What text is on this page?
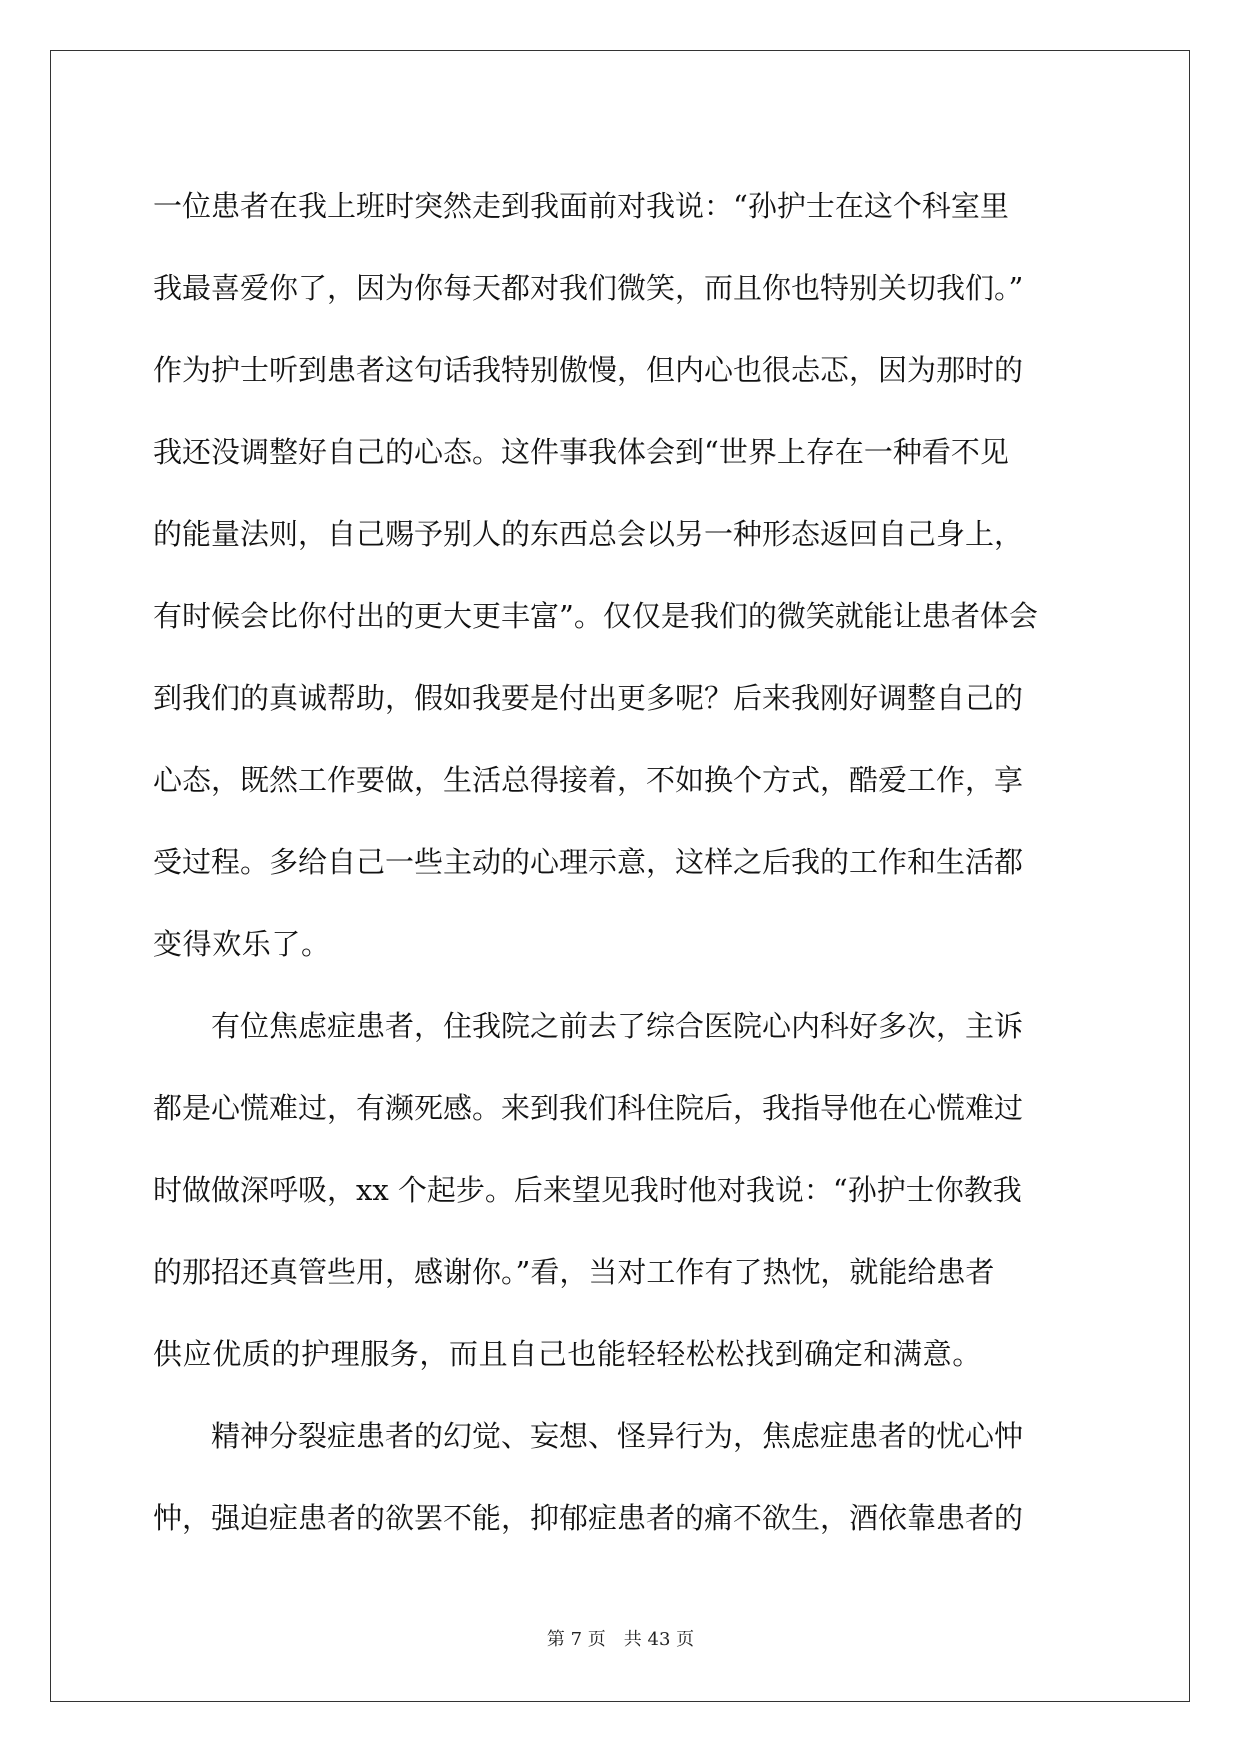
一位患者在我上班时突然走到我面前对我说：“孙护士在这个科室里
我最喜爱你了，因为你每天都对我们微笑，而且你也特别关切我们。”
作为护士听到患者这句话我特别傲慢，但内心也很忐忑，因为那时的
我还没调整好自己的心态。这件事我体会到“世界上存在一种看不见
的能量法则，自己赐予别人的东西总会以另一种形态返回自己身上，
有时候会比你付出的更大更丰富”。仅仅是我们的微笑就能让患者体会
到我们的真诚帮助，假如我要是付出更多呢？后来我刚好调整自己的
心态，既然工作要做，生活总得接着，不如换个方式，酷爱工作，享
受过程。多给自己一些主动的心理示意，这样之后我的工作和生活都
变得欢乐了。
　　有位焦虑症患者，住我院之前去了综合医院心内科好多次，主诉
都是心慌难过，有濒死感。来到我们科住院后，我指导他在心慌难过
时做做深呼吸，xx 个起步。后来望见我时他对我说：“孙护士你教我
的那招还真管些用，感谢你。”看，当对工作有了热忱，就能给患者
供应优质的护理服务，而且自己也能轻轻松松找到确定和满意。
　　精神分裂症患者的幻觉、妄想、怪异行为，焦虑症患者的忧心忡
忡，强迫症患者的欲罢不能，抑郁症患者的痛不欲生，酒依靠患者的
第 7 页　共 43 页
